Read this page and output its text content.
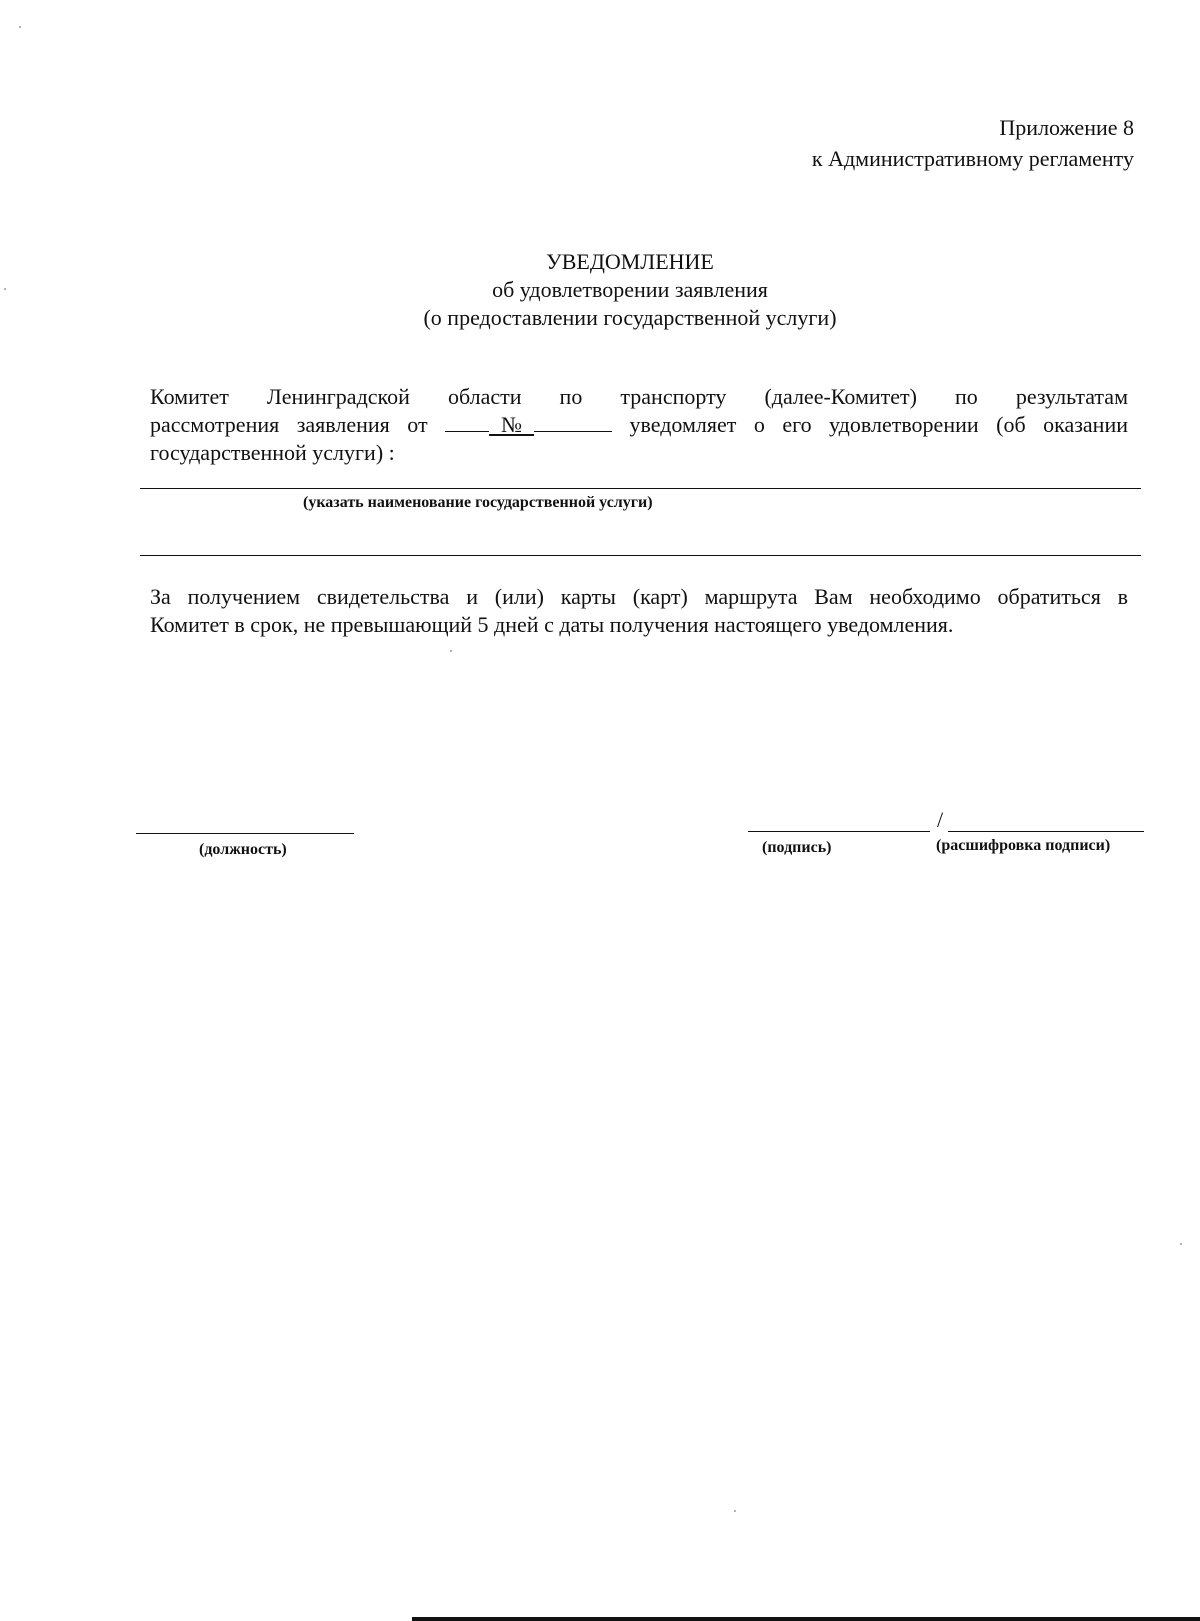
Приложение 8
к Административному регламенту
УВЕДОМЛЕНИЕ
об удовлетворении заявления
(о предоставлении государственной услуги)
Комитет Ленинградской области по транспорту (далее-Комитет) по результатам
рассмотрения заявления от	№	уведомляет о его удовлетворении (об оказании
государственной услуги) :
(указать наименование государственной услуги)
За получением свидетельства и (или) карты (карт) маршрута Вам необходимо обратиться в
Комитет в срок, не превышающий 5 дней с даты получения настоящего уведомления.
(должность)
/
(подпись)	(расшифровка подписи)
